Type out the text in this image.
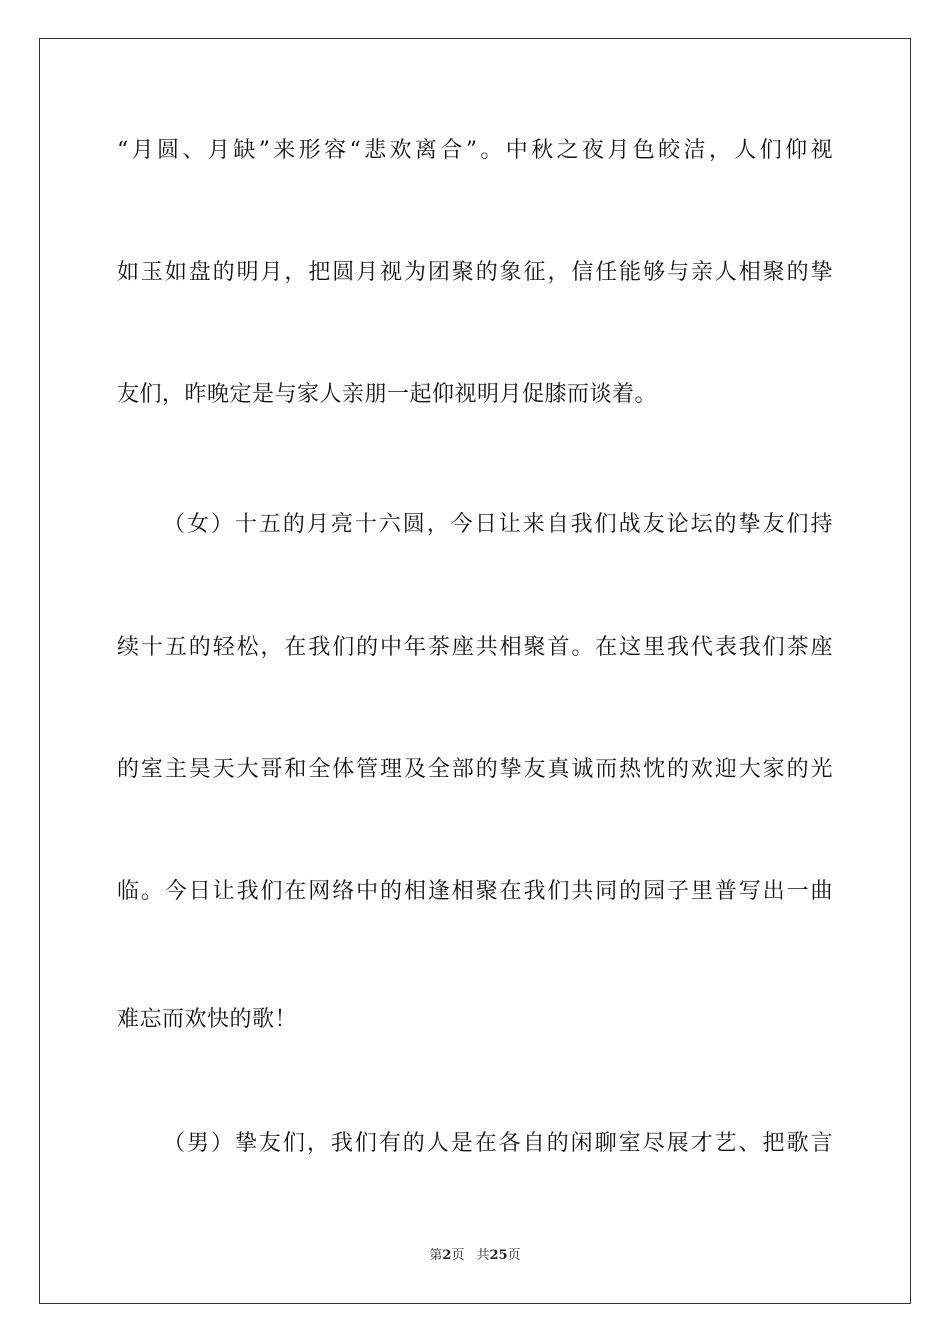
“月圆、月缺”来形容“悲欢离合”。中秋之夜月色皎洁，人们仰视
如玉如盘的明月，把圆月视为团聚的象征，信任能够与亲人相聚的挚
友们，昨晚定是与家人亲朋一起仰视明月促膝而谈着。
（女）十五的月亮十六圆，今日让来自我们战友论坛的挚友们持
续十五的轻松，在我们的中年茶座共相聚首。在这里我代表我们茶座
的室主昊天大哥和全体管理及全部的挚友真诚而热忱的欢迎大家的光
临。今日让我们在网络中的相逢相聚在我们共同的园子里普写出一曲
难忘而欢快的歌！
（男）挚友们，我们有的人是在各自的闲聊室尽展才艺、把歌言
第2页 共25页
